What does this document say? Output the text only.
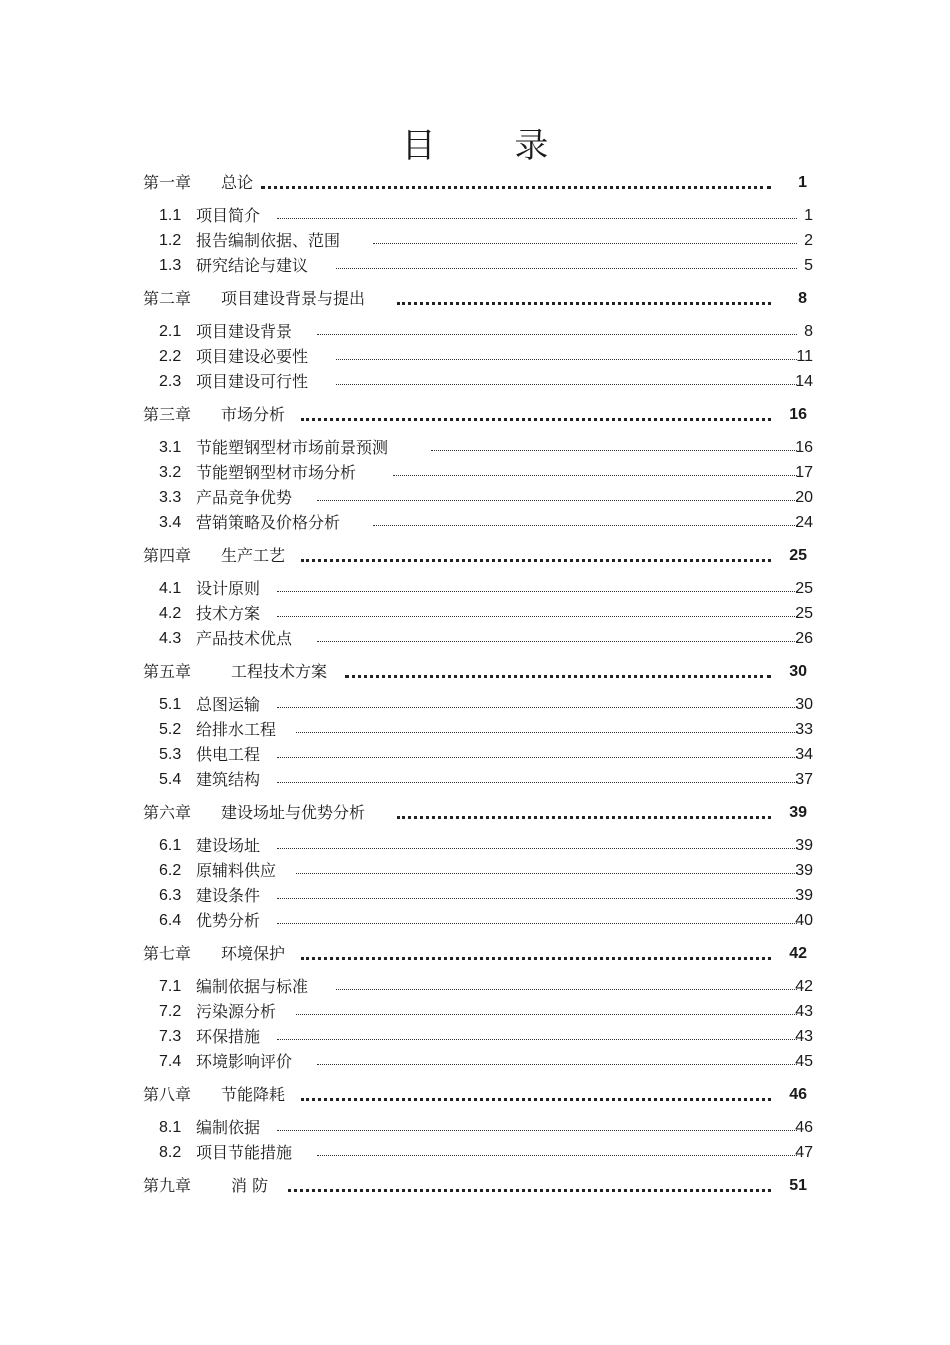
目 录
第一章 总论	1
1.1 项目简介	1
1.2 报告编制依据、范围	2
1.3 研究结论与建议	5
第二章 项目建设背景与提出	8
2.1 项目建设背景	8
2.2 项目建设必要性	11
2.3 项目建设可行性	14
第三章 市场分析	16
3.1 节能塑钢型材市场前景预测	16
3.2 节能塑钢型材市场分析	17
3.3 产品竞争优势	20
3.4 营销策略及价格分析	24
第四章 生产工艺	25
4.1 设计原则	25
4.2 技术方案	25
4.3 产品技术优点	26
第五章 工程技术方案	30
5.1 总图运输	30
5.2 给排水工程	33
5.3 供电工程	34
5.4 建筑结构	37
第六章 建设场址与优势分析	39
6.1 建设场址	39
6.2 原辅料供应	39
6.3 建设条件	39
6.4 优势分析	40
第七章 环境保护	42
7.1 编制依据与标准	42
7.2 污染源分析	43
7.3 环保措施	43
7.4 环境影响评价	45
第八章 节能降耗	46
8.1 编制依据	46
8.2 项目节能措施	47
第九章 消 防	51
